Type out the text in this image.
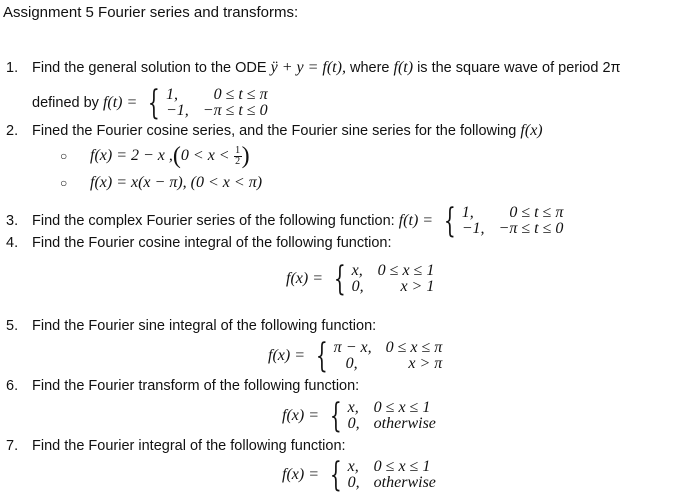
Assignment 5 Fourier series and transforms:
1. Find the general solution to the ODE ÿ + y = f(t), where f(t) is the square wave of period 2π
defined by f(t) = { 1,	0 ≤ t ≤ π
−1, −π ≤ t ≤ 0
2. Fined the Fourier cosine series, and the Fourier sine series for the following f(x)
○ f(x) = 2 − x $,(0 < x < \frac{1}{2}$ )
○ f(x) = x(x − π), (0 < x < π)
3. Find the complex Fourier series of the following function: f(t) = { 1,	0 ≤ t ≤ π
−1, −π ≤ t ≤ 0
4. Find the Fourier cosine integral of the following function:
f(x) = { x, 0 ≤ x ≤ 1
0,	x > 1
5. Find the Fourier sine integral of the following function:
f(x) = { π − x, 0 ≤ x ≤ π
0,	x > π
6. Find the Fourier transform of the following function:
f(x) = { x, 0 ≤ x ≤ 1
0, otherwise
7. Find the Fourier integral of the following function:
f(x) = { x, 0 ≤ x ≤ 1
0, otherwise
